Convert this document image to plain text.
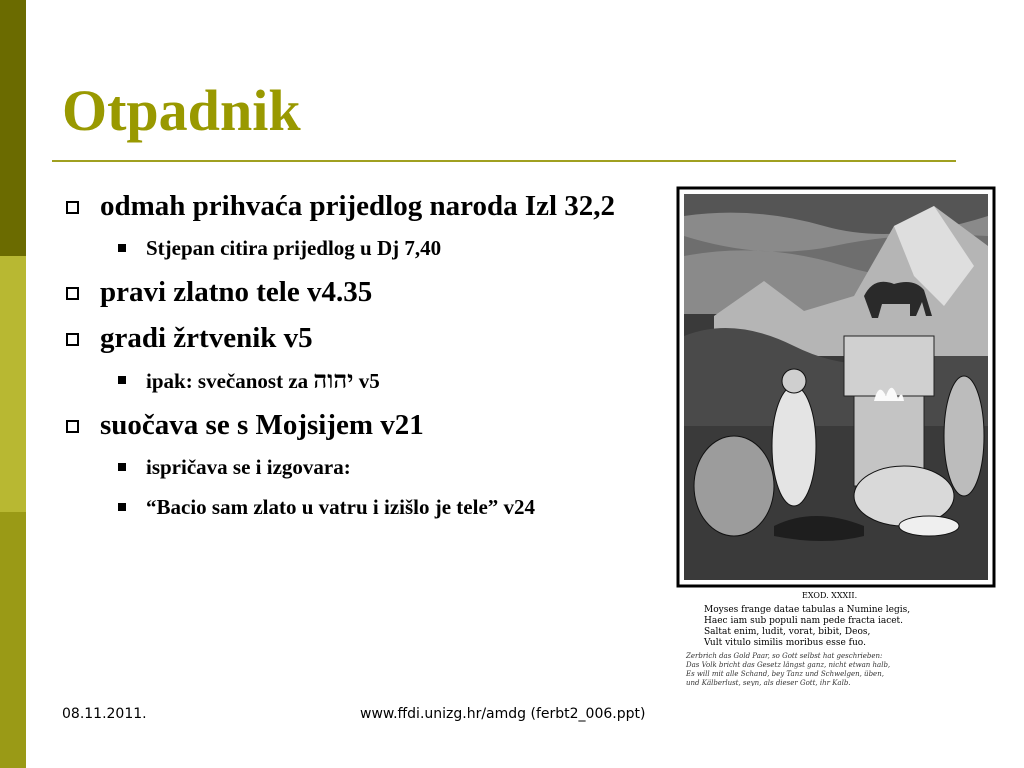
Otpadnik
odmah prihvaća prijedlog naroda Izl 32,2
Stjepan citira prijedlog u Dj 7,40
pravi zlatno tele v4.35
gradi žrtvenik v5
ipak: svečanost za יהוה v5
suočava se s Mojsijem v21
ispričava se i izgovara:
“Bacio sam zlato u vatru i izišlo je tele” v24
EXOD. XXXII.
Moyses frange datae tabulas a Numine legis,
Haec iam sub populi nam pede fracta iacet.
Saltat enim, ludit, vorat, bibit, Deos,
Vult vitulo similis moribus esse fuo.
Zerbrich das Gold Paar, so Gott selbst hat geschrieben:
Das Volk bricht das Gesetz längst ganz, nicht etwan halb,
Es will mit alle Schand, bey Tanz und Schwelgen, üben,
und Kälberlust, seyn, als dieser Gott, ihr Kalb.
08.11.2011.	www.ffdi.unizg.hr/amdg (ferbt2_006.ppt)
